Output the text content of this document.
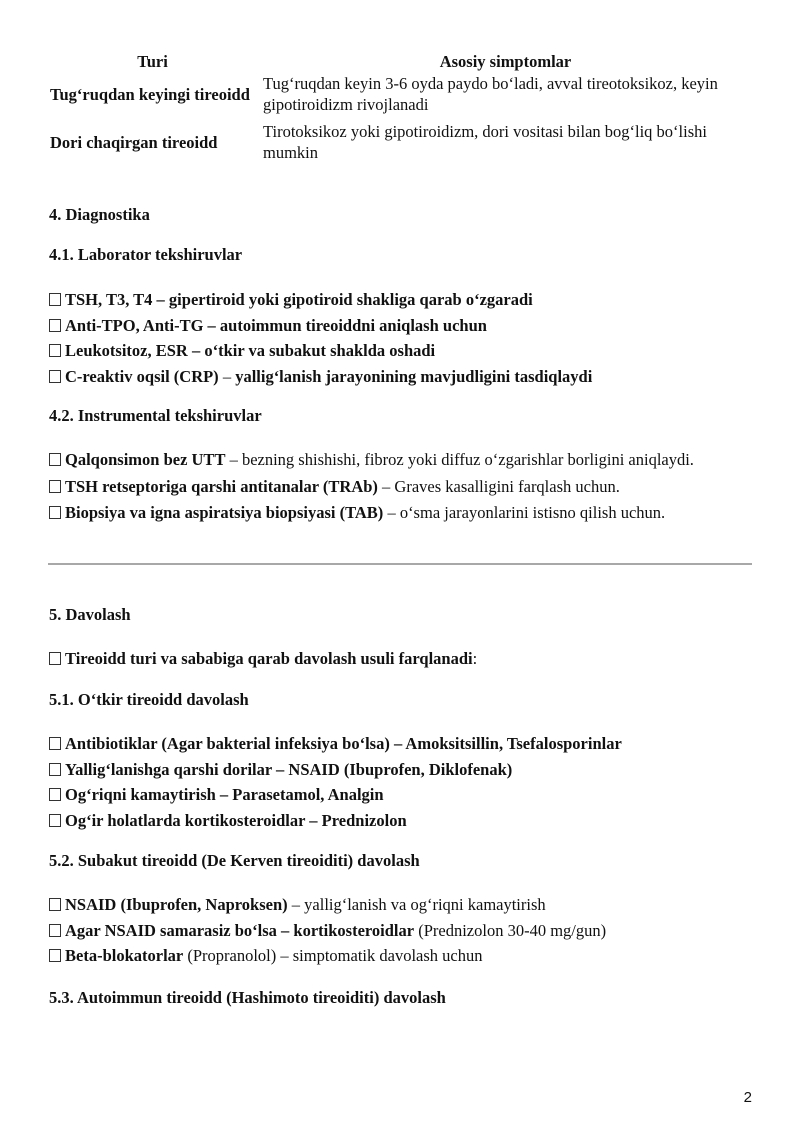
Turi	Asosiy simptomlar
Tug‘ruqdan keyingi tireoidd	Tug‘ruqdan keyin 3-6 oyda paydo bo‘ladi, avval tireotoksikoz, keyin gipotiroidizm rivojlanadi
Dori chaqirgan tireoidd	Tirotoksikoz yoki gipotiroidizm, dori vositasi bilan bog‘liq bo‘lishi mumkin
4. Diagnostika
4.1. Laborator tekshiruvlar
TSH, T3, T4 – gipertiroid yoki gipotiroid shakliga qarab o‘zgaradi
Anti-TPO, Anti-TG – autoimmun tireoiddni aniqlash uchun
Leukotsitoz, ESR – o‘tkir va subakut shaklda oshadi
C-reaktiv oqsil (CRP) – yallig‘lanish jarayonining mavjudligini tasdiqlaydi
4.2. Instrumental tekshiruvlar
Qalqonsimon bez UTT – bezning shishishi, fibroz yoki diffuz o‘zgarishlar borligini aniqlaydi.
TSH retseptoriga qarshi antitanalar (TRAb) – Graves kasalligini farqlash uchun.
Biopsiya va igna aspiratsiya biopsiyasi (TAB) – o‘sma jarayonlarini istisno qilish uchun.
5. Davolash
Tireoidd turi va sababiga qarab davolash usuli farqlanadi:
5.1. O‘tkir tireoidd davolash
Antibiotiklar (Agar bakterial infeksiya bo‘lsa) – Amoksitsillin, Tsefalosporinlar
Yallig‘lanishga qarshi dorilar – NSAID (Ibuprofen, Diklofenak)
Og‘riqni kamaytirish – Parasetamol, Analgin
Og‘ir holatlarda kortikosteroidlar – Prednizolon
5.2. Subakut tireoidd (De Kerven tireoiditi) davolash
NSAID (Ibuprofen, Naproksen) – yallig‘lanish va og‘riqni kamaytirish
Agar NSAID samarasiz bo‘lsa – kortikosteroidlar (Prednizolon 30-40 mg/gun)
Beta-blokatorlar (Propranolol) – simptomatik davolash uchun
5.3. Autoimmun tireoidd (Hashimoto tireoiditi) davolash
2
